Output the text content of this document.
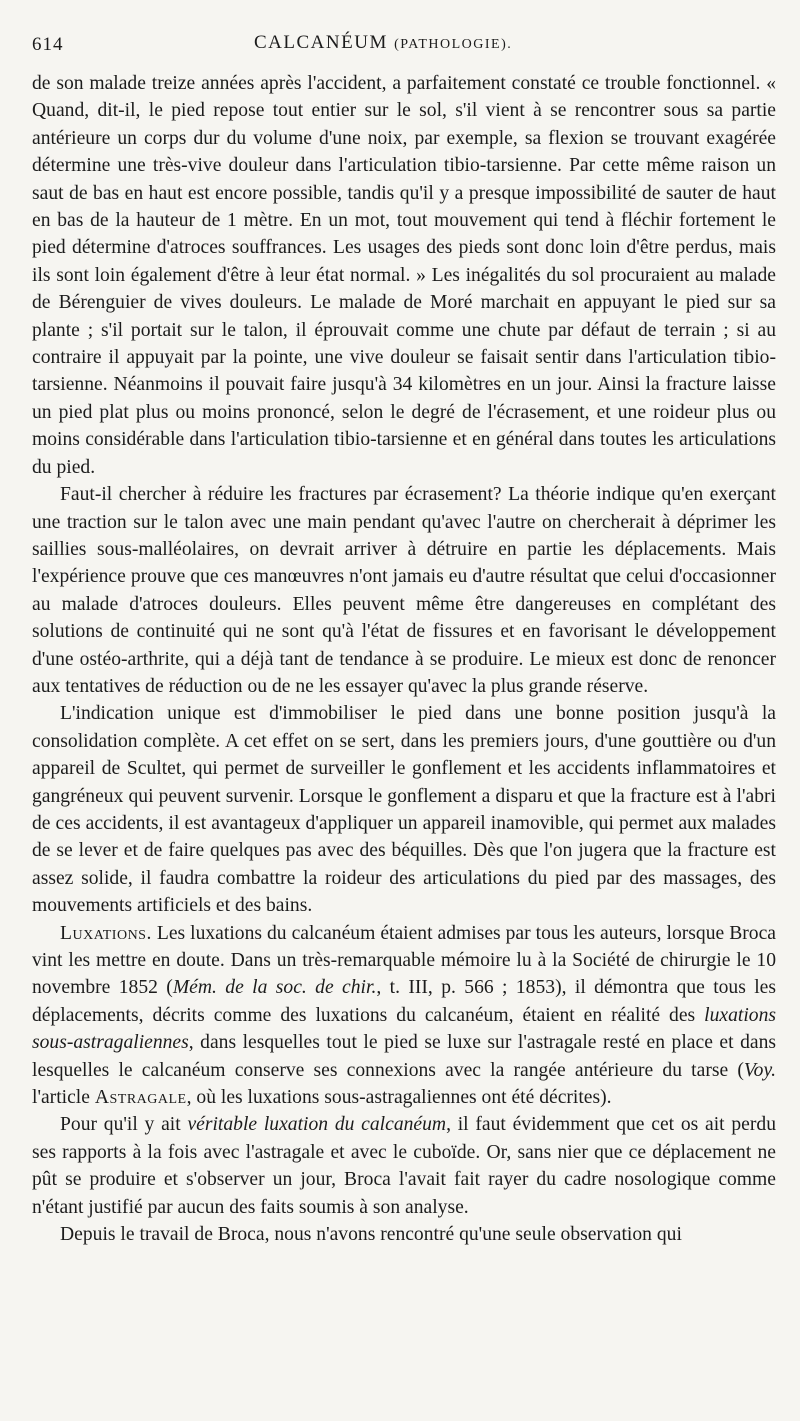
614	CALCANÉUM (PATHOLOGIE).

de son malade treize années après l'accident, a parfaitement constaté ce trouble fonctionnel. « Quand, dit-il, le pied repose tout entier sur le sol, s'il vient à se rencontrer sous sa partie antérieure un corps dur du volume d'une noix, par exemple, sa flexion se trouvant exagérée détermine une très-vive douleur dans l'articulation tibio-tarsienne. Par cette même raison un saut de bas en haut est encore possible, tandis qu'il y a presque impossibilité de sauter de haut en bas de la hauteur de 1 mètre. En un mot, tout mouvement qui tend à fléchir fortement le pied détermine d'atroces souffrances. Les usages des pieds sont donc loin d'être perdus, mais ils sont loin également d'être à leur état normal. » Les inégalités du sol procuraient au malade de Bérenguier de vives douleurs. Le malade de Moré marchait en appuyant le pied sur sa plante ; s'il portait sur le talon, il éprouvait comme une chute par défaut de terrain ; si au contraire il appuyait par la pointe, une vive douleur se faisait sentir dans l'articulation tibio-tarsienne. Néanmoins il pouvait faire jusqu'à 34 kilomètres en un jour. Ainsi la fracture laisse un pied plat plus ou moins prononcé, selon le degré de l'écrasement, et une roideur plus ou moins considérable dans l'articulation tibio-tarsienne et en général dans toutes les articulations du pied.

Faut-il chercher à réduire les fractures par écrasement? La théorie indique qu'en exerçant une traction sur le talon avec une main pendant qu'avec l'autre on chercherait à déprimer les saillies sous-malléolaires, on devrait arriver à détruire en partie les déplacements. Mais l'expérience prouve que ces manœuvres n'ont jamais eu d'autre résultat que celui d'occasionner au malade d'atroces douleurs. Elles peuvent même être dangereuses en complétant des solutions de continuité qui ne sont qu'à l'état de fissures et en favorisant le développement d'une ostéo-arthrite, qui a déjà tant de tendance à se produire. Le mieux est donc de renoncer aux tentatives de réduction ou de ne les essayer qu'avec la plus grande réserve.

L'indication unique est d'immobiliser le pied dans une bonne position jusqu'à la consolidation complète. A cet effet on se sert, dans les premiers jours, d'une gouttière ou d'un appareil de Scultet, qui permet de surveiller le gonflement et les accidents inflammatoires et gangréneux qui peuvent survenir. Lorsque le gonflement a disparu et que la fracture est à l'abri de ces accidents, il est avantageux d'appliquer un appareil inamovible, qui permet aux malades de se lever et de faire quelques pas avec des béquilles. Dès que l'on jugera que la fracture est assez solide, il faudra combattre la roideur des articulations du pied par des massages, des mouvements artificiels et des bains.

Luxations. Les luxations du calcanéum étaient admises par tous les auteurs, lorsque Broca vint les mettre en doute. Dans un très-remarquable mémoire lu à la Société de chirurgie le 10 novembre 1852 (Mém. de la soc. de chir., t. III, p. 566 ; 1853), il démontra que tous les déplacements, décrits comme des luxations du calcanéum, étaient en réalité des luxations sous-astragaliennes, dans lesquelles tout le pied se luxe sur l'astragale resté en place et dans lesquelles le calcanéum conserve ses connexions avec la rangée antérieure du tarse (Voy. l'article Astragale, où les luxations sous-astragaliennes ont été décrites).

Pour qu'il y ait véritable luxation du calcanéum, il faut évidemment que cet os ait perdu ses rapports à la fois avec l'astragale et avec le cuboïde. Or, sans nier que ce déplacement ne pût se produire et s'observer un jour, Broca l'avait fait rayer du cadre nosologique comme n'étant justifié par aucun des faits soumis à son analyse.

Depuis le travail de Broca, nous n'avons rencontré qu'une seule observation qui
